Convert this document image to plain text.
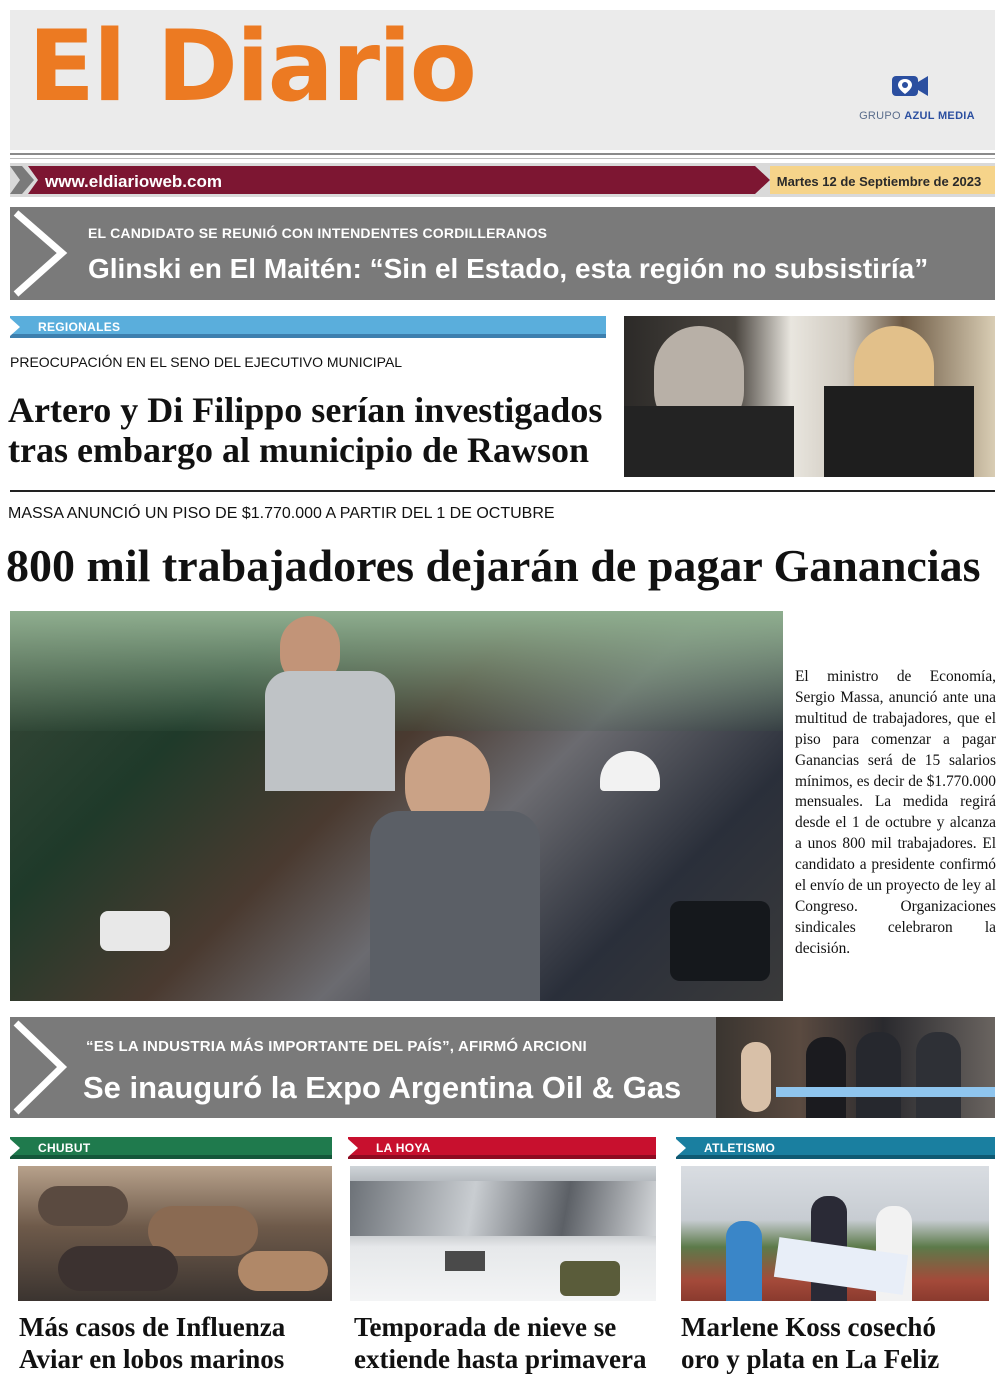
El Diario	GRUPO AZUL MEDIA
www.eldiarioweb.com	Martes 12 de Septiembre de 2023
EL CANDIDATO SE REUNIÓ CON INTENDENTES CORDILLERANOS
Glinski en El Maitén: “Sin el Estado, esta región no subsistiría”
REGIONALES
PREOCUPACIÓN EN EL SENO DEL EJECUTIVO MUNICIPAL
Artero y Di Filippo serían investigados
tras embargo al municipio de Rawson
MASSA ANUNCIÓ UN PISO DE $1.770.000 A PARTIR DEL 1 DE OCTUBRE
800 mil trabajadores dejarán de pagar Ganancias
El ministro de Economía, Sergio Massa, anunció ante una multitud de trabajadores, que el piso para comenzar a pagar Ganancias será de 15 salarios mínimos, es decir de $1.770.000 mensuales. La medida regirá desde el 1 de octubre y alcanza a unos 800 mil trabajadores. El candidato a presidente confirmó el envío de un proyecto de ley al Congreso. Organizaciones sindicales celebraron la decisión.
“ES LA INDUSTRIA MÁS IMPORTANTE DEL PAÍS”, AFIRMÓ ARCIONI
Se inauguró la Expo Argentina Oil & Gas
CHUBUT
Más casos de Influenza
Aviar en lobos marinos
LA HOYA
Temporada de nieve se
extiende hasta primavera
ATLETISMO
Marlene Koss cosechó
oro y plata en La Feliz
